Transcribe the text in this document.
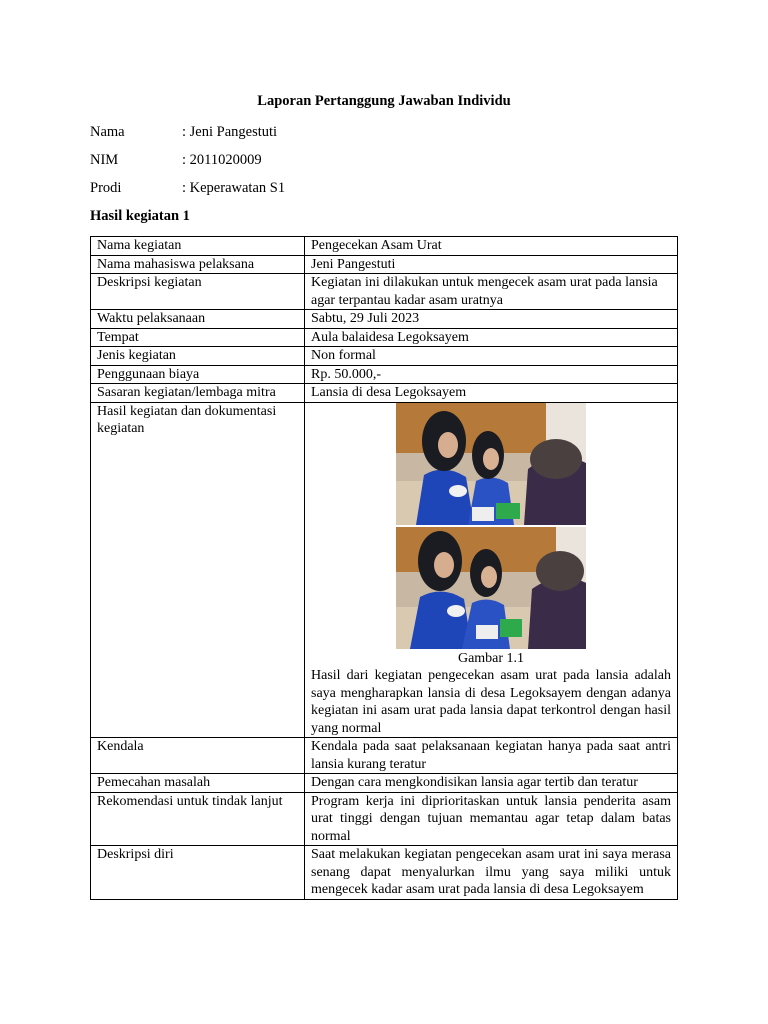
Laporan Pertanggung Jawaban Individu
Nama	: Jeni Pangestuti
NIM	: 2011020009
Prodi	: Keperawatan S1
Hasil kegiatan 1
Nama kegiatan	Pengecekan Asam Urat
Nama mahasiswa pelaksana	Jeni Pangestuti
Deskripsi kegiatan	Kegiatan ini dilakukan untuk mengecek asam urat pada lansia agar terpantau kadar asam uratnya
Waktu pelaksanaan	Sabtu, 29 Juli 2023
Tempat	Aula balaidesa Legoksayem
Jenis kegiatan	Non formal
Penggunaan biaya	Rp. 50.000,-
Sasaran kegiatan/lembaga mitra	Lansia di desa Legoksayem
Hasil kegiatan dan dokumentasi kegiatan	Gambar 1.1
Hasil dari kegiatan pengecekan asam urat pada lansia adalah saya mengharapkan lansia di desa Legoksayem dengan adanya kegiatan ini asam urat pada lansia dapat terkontrol dengan hasil yang normal

Kendala	Kendala pada saat pelaksanaan kegiatan hanya pada saat antri lansia kurang teratur
Pemecahan masalah	Dengan cara mengkondisikan lansia agar tertib dan teratur
Rekomendasi untuk tindak lanjut	Program kerja ini diprioritaskan untuk lansia penderita asam urat tinggi dengan tujuan memantau agar tetap dalam batas normal
Deskripsi diri	Saat melakukan kegiatan pengecekan asam urat ini saya merasa senang dapat menyalurkan ilmu yang saya miliki untuk mengecek kadar asam urat pada lansia di desa Legoksayem
